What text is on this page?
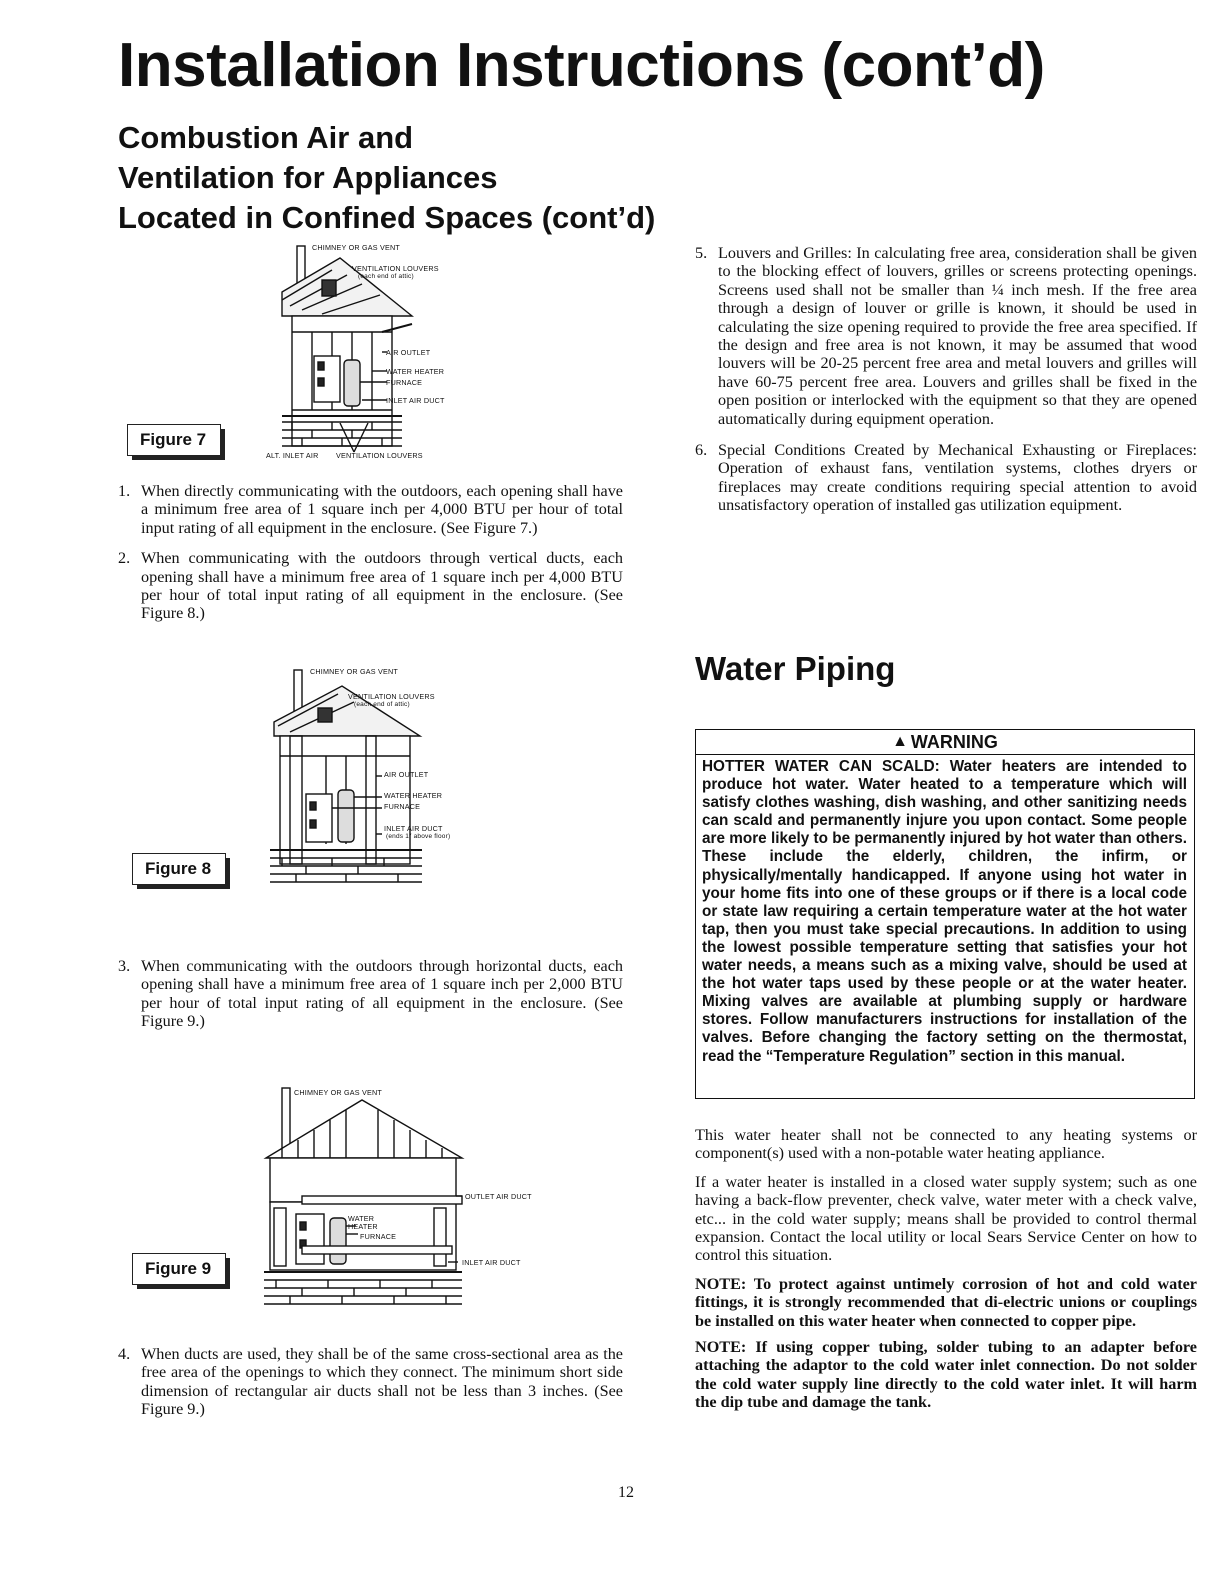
Installation Instructions (cont’d)
Combustion Air and
Ventilation for Appliances
Located in Confined Spaces (cont’d)
CHIMNEY OR GAS VENT
VENTILATION LOUVERS
(each end of attic)
AIR OUTLET
WATER HEATER
FURNACE
INLET AIR DUCT
ALT. INLET AIR VENTILATION LOUVERS
Figure 7
1. When directly communicating with the outdoors, each opening shall have a minimum free area of 1 square inch per 4,000 BTU per hour of total input rating of all equipment in the enclosure. (See Figure 7.)
2. When communicating with the outdoors through vertical ducts, each opening shall have a minimum free area of 1 square inch per 4,000 BTU per hour of total input rating of all equipment in the enclosure. (See Figure 8.)
CHIMNEY OR GAS VENT
VENTILATION LOUVERS
(each end of attic)
AIR OUTLET
WATER HEATER
FURNACE
INLET AIR DUCT
(ends 1″ above floor)
Figure 8
3. When communicating with the outdoors through horizontal ducts, each opening shall have a minimum free area of 1 square inch per 2,000 BTU per hour of total input rating of all equipment in the enclosure. (See Figure 9.)
CHIMNEY OR GAS VENT
OUTLET AIR DUCT
WATER
HEATER
FURNACE
INLET AIR DUCT
Figure 9
4. When ducts are used, they shall be of the same cross-sectional area as the free area of the openings to which they connect. The minimum short side dimension of rectangular air ducts shall not be less than 3 inches. (See Figure 9.)
5. Louvers and Grilles: In calculating free area, consideration shall be given to the blocking effect of louvers, grilles or screens protecting openings. Screens used shall not be smaller than ¼ inch mesh. If the free area through a design of louver or grille is known, it should be used in calculating the size opening required to provide the free area specified. If the design and free area is not known, it may be assumed that wood louvers will be 20-25 percent free area and metal louvers and grilles will have 60-75 percent free area. Louvers and grilles shall be fixed in the open position or interlocked with the equipment so that they are opened automatically during equipment operation.
6. Special Conditions Created by Mechanical Exhausting or Fireplaces: Operation of exhaust fans, ventilation systems, clothes dryers or fireplaces may create conditions requiring special attention to avoid unsatisfactory operation of installed gas utilization equipment.
Water Piping
▲ WARNING
HOTTER WATER CAN SCALD: Water heaters are intended to produce hot water. Water heated to a temperature which will satisfy clothes washing, dish washing, and other sanitizing needs can scald and permanently injure you upon contact. Some people are more likely to be permanently injured by hot water than others. These include the elderly, children, the infirm, or physically/mentally handicapped. If anyone using hot water in your home fits into one of these groups or if there is a local code or state law requiring a certain temperature water at the hot water tap, then you must take special precautions. In addition to using the lowest possible temperature setting that satisfies your hot water needs, a means such as a mixing valve, should be used at the hot water taps used by these people or at the water heater. Mixing valves are available at plumbing supply or hardware stores. Follow manufacturers instructions for installation of the valves. Before changing the factory setting on the thermostat, read the “Temperature Regulation” section in this manual.
This water heater shall not be connected to any heating systems or component(s) used with a non-potable water heating appliance.
If a water heater is installed in a closed water supply system; such as one having a back-flow preventer, check valve, water meter with a check valve, etc... in the cold water supply; means shall be provided to control thermal expansion. Contact the local utility or local Sears Service Center on how to control this situation.
NOTE: To protect against untimely corrosion of hot and cold water fittings, it is strongly recommended that di-electric unions or couplings be installed on this water heater when connected to copper pipe.
NOTE: If using copper tubing, solder tubing to an adapter before attaching the adaptor to the cold water inlet connection. Do not solder the cold water supply line directly to the cold water inlet. It will harm the dip tube and damage the tank.
12
